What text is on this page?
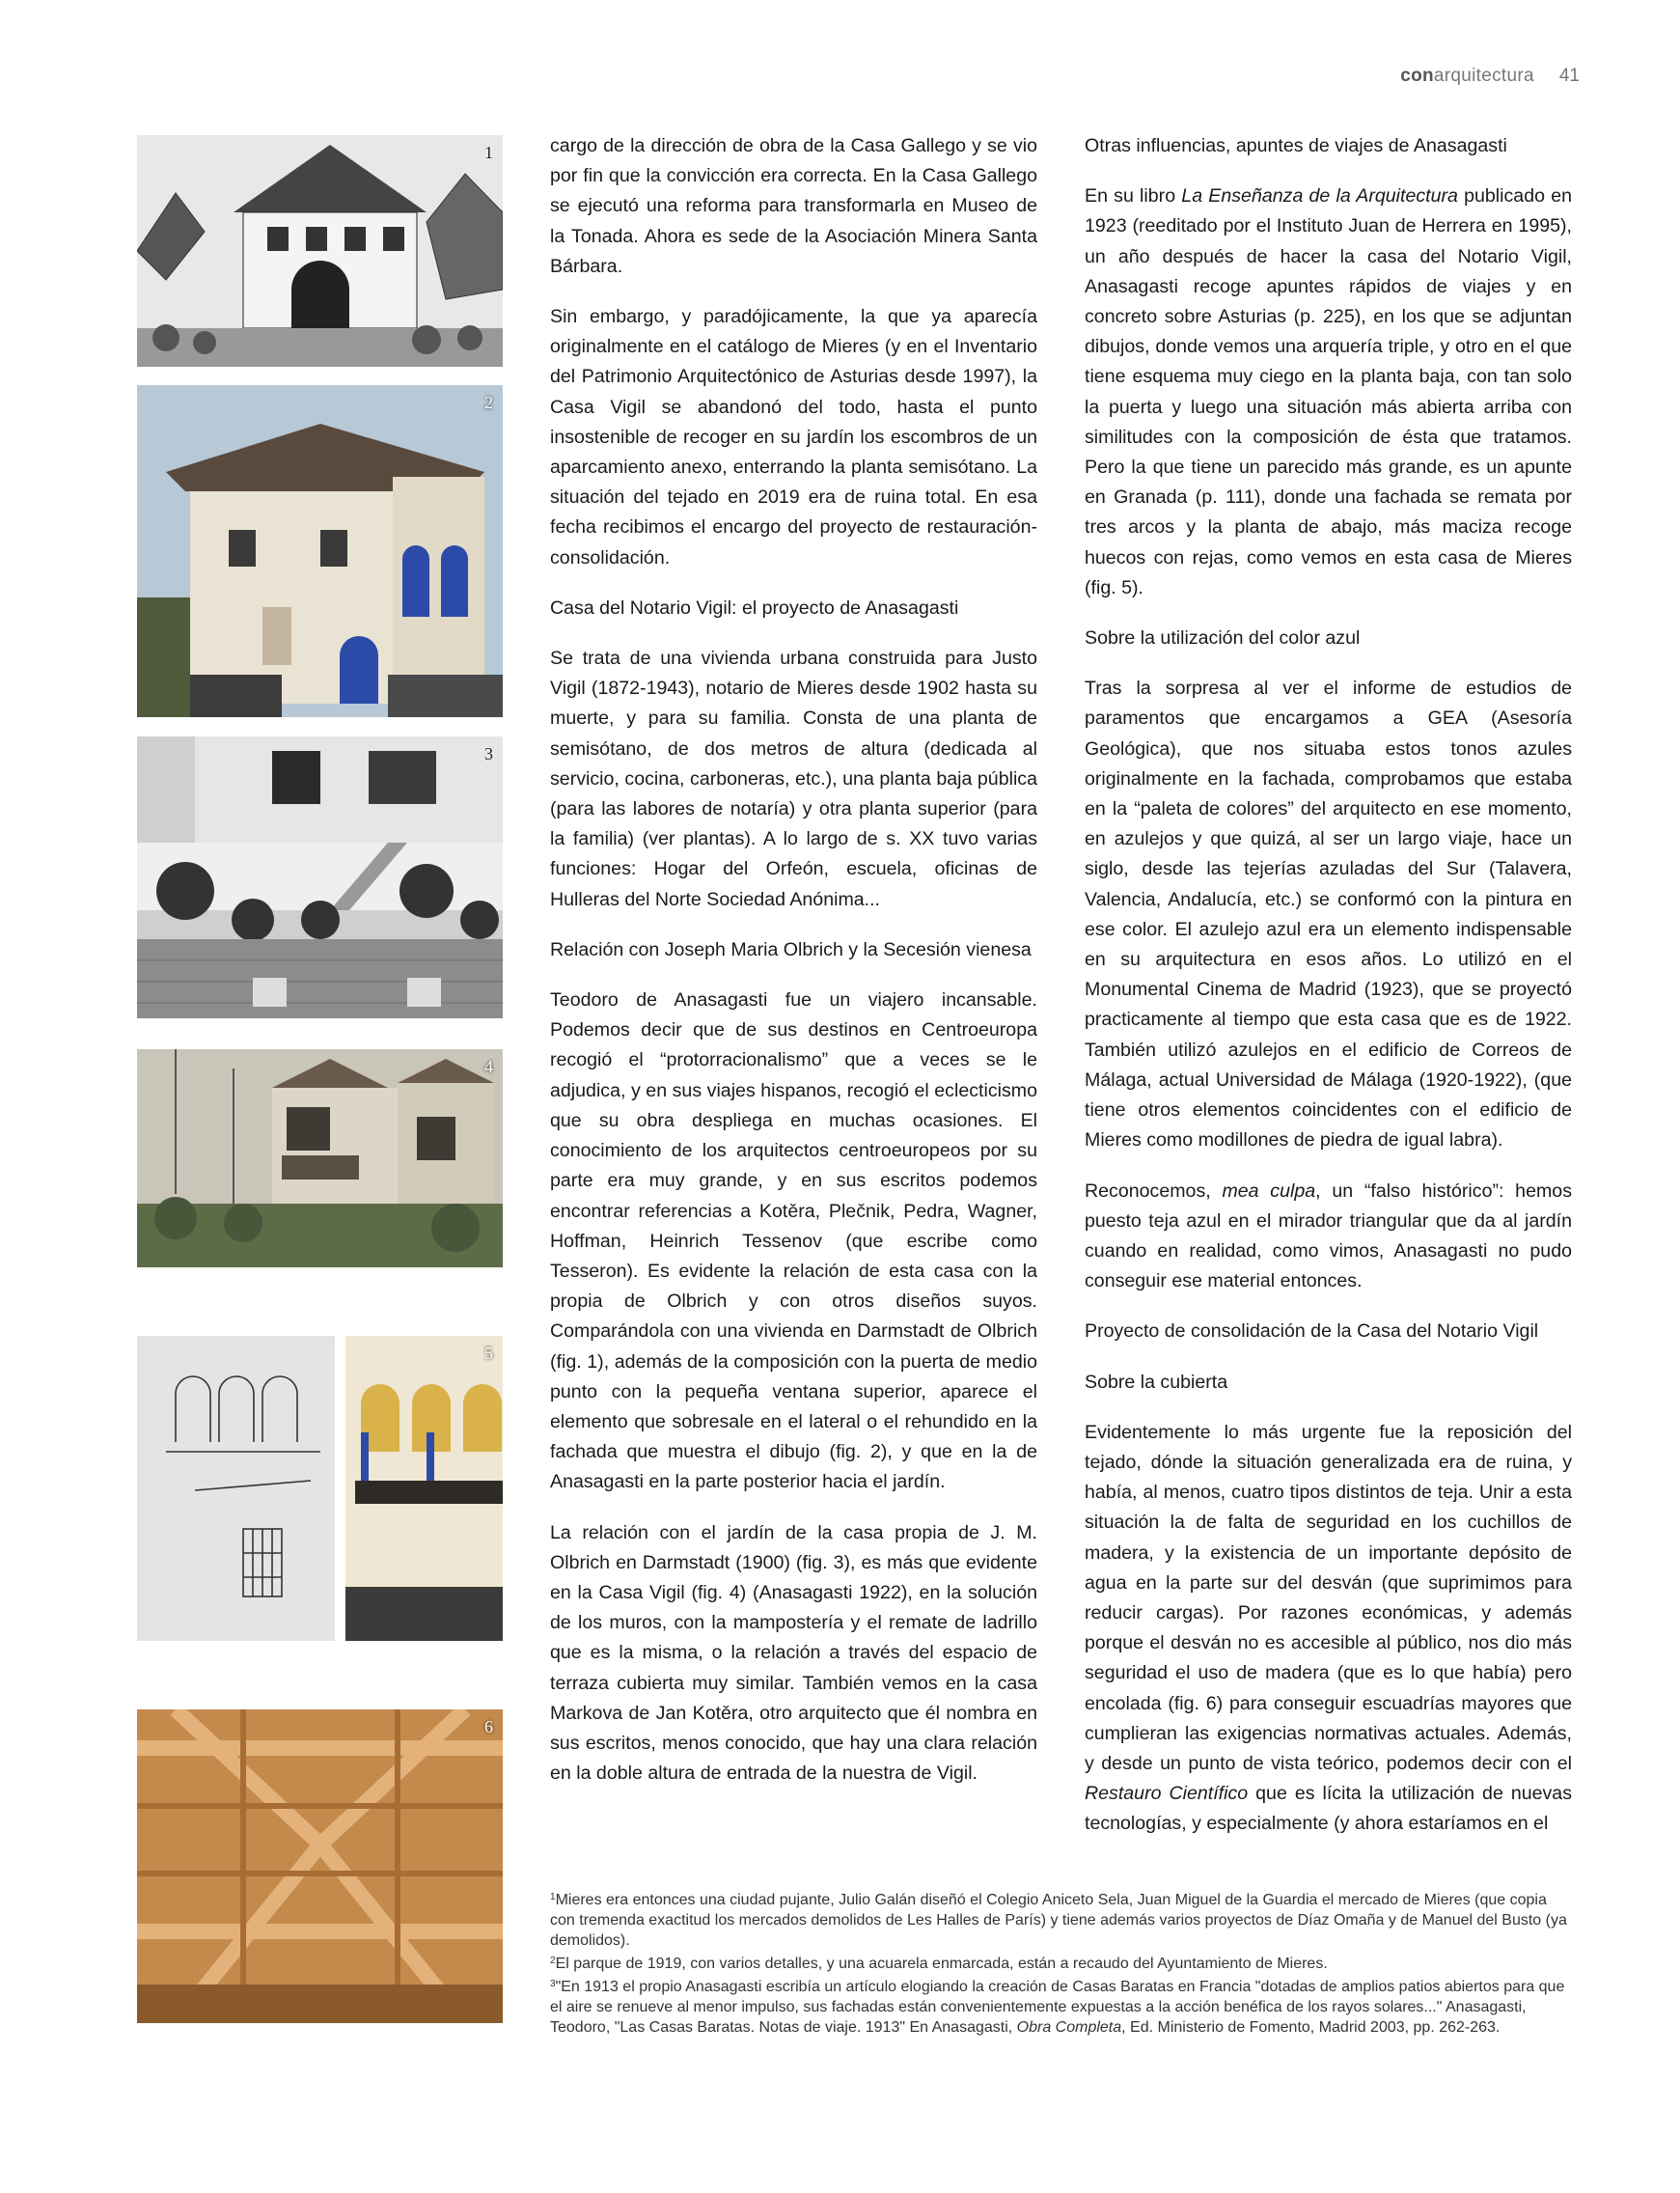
conarquitectura 41
1
2
3
4
5
6

cargo de la dirección de obra de la Casa Gallego y se vio por fin que la convicción era correcta. En la Casa Gallego se ejecutó una reforma para transformarla en Museo de la Tonada. Ahora es sede de la Asociación Minera Santa Bárbara.

Sin embargo, y paradójicamente, la que ya aparecía originalmente en el catálogo de Mieres (y en el Inventario del Patrimonio Arquitectónico de Asturias desde 1997), la Casa Vigil se abandonó del todo, hasta el punto insostenible de recoger en su jardín los escombros de un aparcamiento anexo, enterrando la planta semisótano. La situación del tejado en 2019 era de ruina total. En esa fecha recibimos el encargo del proyecto de restauración-consolidación.

Casa del Notario Vigil: el proyecto de Anasagasti

Se trata de una vivienda urbana construida para Justo Vigil (1872-1943), notario de Mieres desde 1902 hasta su muerte, y para su familia. Consta de una planta de semisótano, de dos metros de altura (dedicada al servicio, cocina, carboneras, etc.), una planta baja pública (para las labores de notaría) y otra planta superior (para la familia) (ver plantas). A lo largo de s. XX tuvo varias funciones: Hogar del Orfeón, escuela, oficinas de Hulleras del Norte Sociedad Anónima...

Relación con Joseph Maria Olbrich y la Secesión vienesa

Teodoro de Anasagasti fue un viajero incansable. Podemos decir que de sus destinos en Centroeuropa recogió el “protorracionalismo” que a veces se le adjudica, y en sus viajes hispanos, recogió el eclecticismo que su obra despliega en muchas ocasiones. El conocimiento de los arquitectos centroeuropeos por su parte era muy grande, y en sus escritos podemos encontrar referencias a Kotěra, Plečnik, Pedra, Wagner, Hoffman, Heinrich Tessenov (que escribe como Tesseron). Es evidente la relación de esta casa con la propia de Olbrich y con otros diseños suyos. Comparándola con una vivienda en Darmstadt de Olbrich (fig. 1), además de la composición con la puerta de medio punto con la pequeña ventana superior, aparece el elemento que sobresale en el lateral o el rehundido en la fachada que muestra el dibujo (fig. 2), y que en la de Anasagasti en la parte posterior hacia el jardín.

La relación con el jardín de la casa propia de J. M. Olbrich en Darmstadt (1900) (fig. 3), es más que evidente en la Casa Vigil (fig. 4) (Anasagasti 1922), en la solución de los muros, con la mampostería y el remate de ladrillo que es la misma, o la relación a través del espacio de terraza cubierta muy similar. También vemos en la casa Markova de Jan Kotěra, otro arquitecto que él nombra en sus escritos, menos conocido, que hay una clara relación en la doble altura de entrada de la nuestra de Vigil.

Otras influencias, apuntes de viajes de Anasagasti

En su libro La Enseñanza de la Arquitectura publicado en 1923 (reeditado por el Instituto Juan de Herrera en 1995), un año después de hacer la casa del Notario Vigil, Anasagasti recoge apuntes rápidos de viajes y en concreto sobre Asturias (p. 225), en los que se adjuntan dibujos, donde vemos una arquería triple, y otro en el que tiene esquema muy ciego en la planta baja, con tan solo la puerta y luego una situación más abierta arriba con similitudes con la composición de ésta que tratamos. Pero la que tiene un parecido más grande, es un apunte en Granada (p. 111), donde una fachada se remata por tres arcos y la planta de abajo, más maciza recoge huecos con rejas, como vemos en esta casa de Mieres (fig. 5).

Sobre la utilización del color azul

Tras la sorpresa al ver el informe de estudios de paramentos que encargamos a GEA (Asesoría Geológica), que nos situaba estos tonos azules originalmente en la fachada, comprobamos que estaba en la “paleta de colores” del arquitecto en ese momento, en azulejos y que quizá, al ser un largo viaje, hace un siglo, desde las tejerías azuladas del Sur (Talavera, Valencia, Andalucía, etc.) se conformó con la pintura en ese color. El azulejo azul era un elemento indispensable en su arquitectura en esos años. Lo utilizó en el Monumental Cinema de Madrid (1923), que se proyectó practicamente al tiempo que esta casa que es de 1922. También utilizó azulejos en el edificio de Correos de Málaga, actual Universidad de Málaga (1920-1922), (que tiene otros elementos coincidentes con el edificio de Mieres como modillones de piedra de igual labra).

Reconocemos, mea culpa, un “falso histórico”: hemos puesto teja azul en el mirador triangular que da al jardín cuando en realidad, como vimos, Anasagasti no pudo conseguir ese material entonces.

Proyecto de consolidación de la Casa del Notario Vigil
Sobre la cubierta

Evidentemente lo más urgente fue la reposición del tejado, dónde la situación generalizada era de ruina, y había, al menos, cuatro tipos distintos de teja. Unir a esta situación la de falta de seguridad en los cuchillos de madera, y la existencia de un importante depósito de agua en la parte sur del desván (que suprimimos para reducir cargas). Por razones económicas, y además porque el desván no es accesible al público, nos dio más seguridad el uso de madera (que es lo que había) pero encolada (fig. 6) para conseguir escuadrías mayores que cumplieran las exigencias normativas actuales. Además, y desde un punto de vista teórico, podemos decir con el Restauro Científico que es lícita la utilización de nuevas tecnologías, y especialmente (y ahora estaríamos en el

$^1$Mieres era entonces una ciudad pujante, Julio Galán diseñó el Colegio Aniceto Sela, Juan Miguel de la Guardia el mercado de Mieres (que copia con tremenda exactitud los mercados demolidos de Les Halles de París) y tiene además varios proyectos de Díaz Omaña y de Manuel del Busto (ya demolidos).

$^2$El parque de 1919, con varios detalles, y una acuarela enmarcada, están a recaudo del Ayuntamiento de Mieres.

$^3$"En 1913 el propio Anasagasti escribía un artículo elogiando la creación de Casas Baratas en Francia "dotadas de amplios patios abiertos para que el aire se renueve al menor impulso, sus fachadas están convenientemente expuestas a la acción benéfica de los rayos solares..." Anasagasti, Teodoro, "Las Casas Baratas. Notas de viaje. 1913" En Anasagasti, Obra Completa, Ed. Ministerio de Fomento, Madrid 2003, pp. 262-263.
